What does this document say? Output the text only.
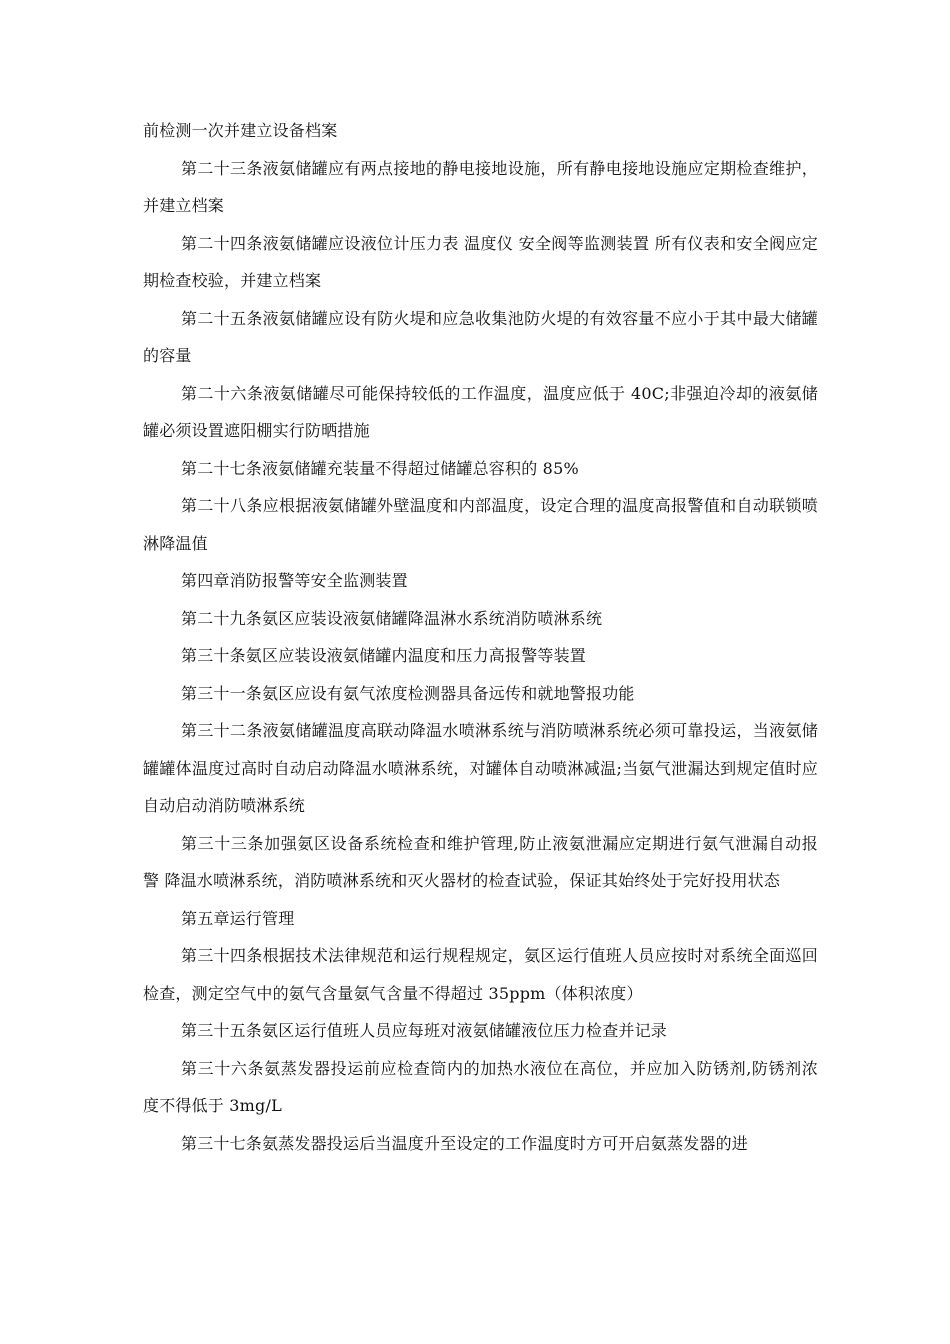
前检测一次并建立设备档案

第二十三条液氨储罐应有两点接地的静电接地设施，所有静电接地设施应定期检查维护，并建立档案

第二十四条液氨储罐应设液位计压力表 温度仪 安全阀等监测装置 所有仪表和安全阀应定期检查校验，并建立档案

第二十五条液氨储罐应设有防火堤和应急收集池防火堤的有效容量不应小于其中最大储罐的容量

第二十六条液氨储罐尽可能保持较低的工作温度，温度应低于 40C;非强迫冷却的液氨储罐必须设置遮阳棚实行防晒措施

第二十七条液氨储罐充装量不得超过储罐总容积的 85%

第二十八条应根据液氨储罐外壁温度和内部温度，设定合理的温度高报警值和自动联锁喷淋降温值

第四章消防报警等安全监测装置

第二十九条氨区应装设液氨储罐降温淋水系统消防喷淋系统

第三十条氨区应装设液氨储罐内温度和压力高报警等装置

第三十一条氨区应设有氨气浓度检测器具备远传和就地警报功能

第三十二条液氨储罐温度高联动降温水喷淋系统与消防喷淋系统必须可靠投运，当液氨储罐罐体温度过高时自动启动降温水喷淋系统，对罐体自动喷淋减温;当氨气泄漏达到规定值时应自动启动消防喷淋系统

第三十三条加强氨区设备系统检查和维护管理,防止液氨泄漏应定期进行氨气泄漏自动报警 降温水喷淋系统，消防喷淋系统和灭火器材的检查试验，保证其始终处于完好投用状态

第五章运行管理

第三十四条根据技术法律规范和运行规程规定，氨区运行值班人员应按时对系统全面巡回检查，测定空气中的氨气含量氨气含量不得超过 35ppm（体积浓度）

第三十五条氨区运行值班人员应每班对液氨储罐液位压力检查并记录

第三十六条氨蒸发器投运前应检查筒内的加热水液位在高位，并应加入防锈剂,防锈剂浓度不得低于 3mg/L

第三十七条氨蒸发器投运后当温度升至设定的工作温度时方可开启氨蒸发器的进
